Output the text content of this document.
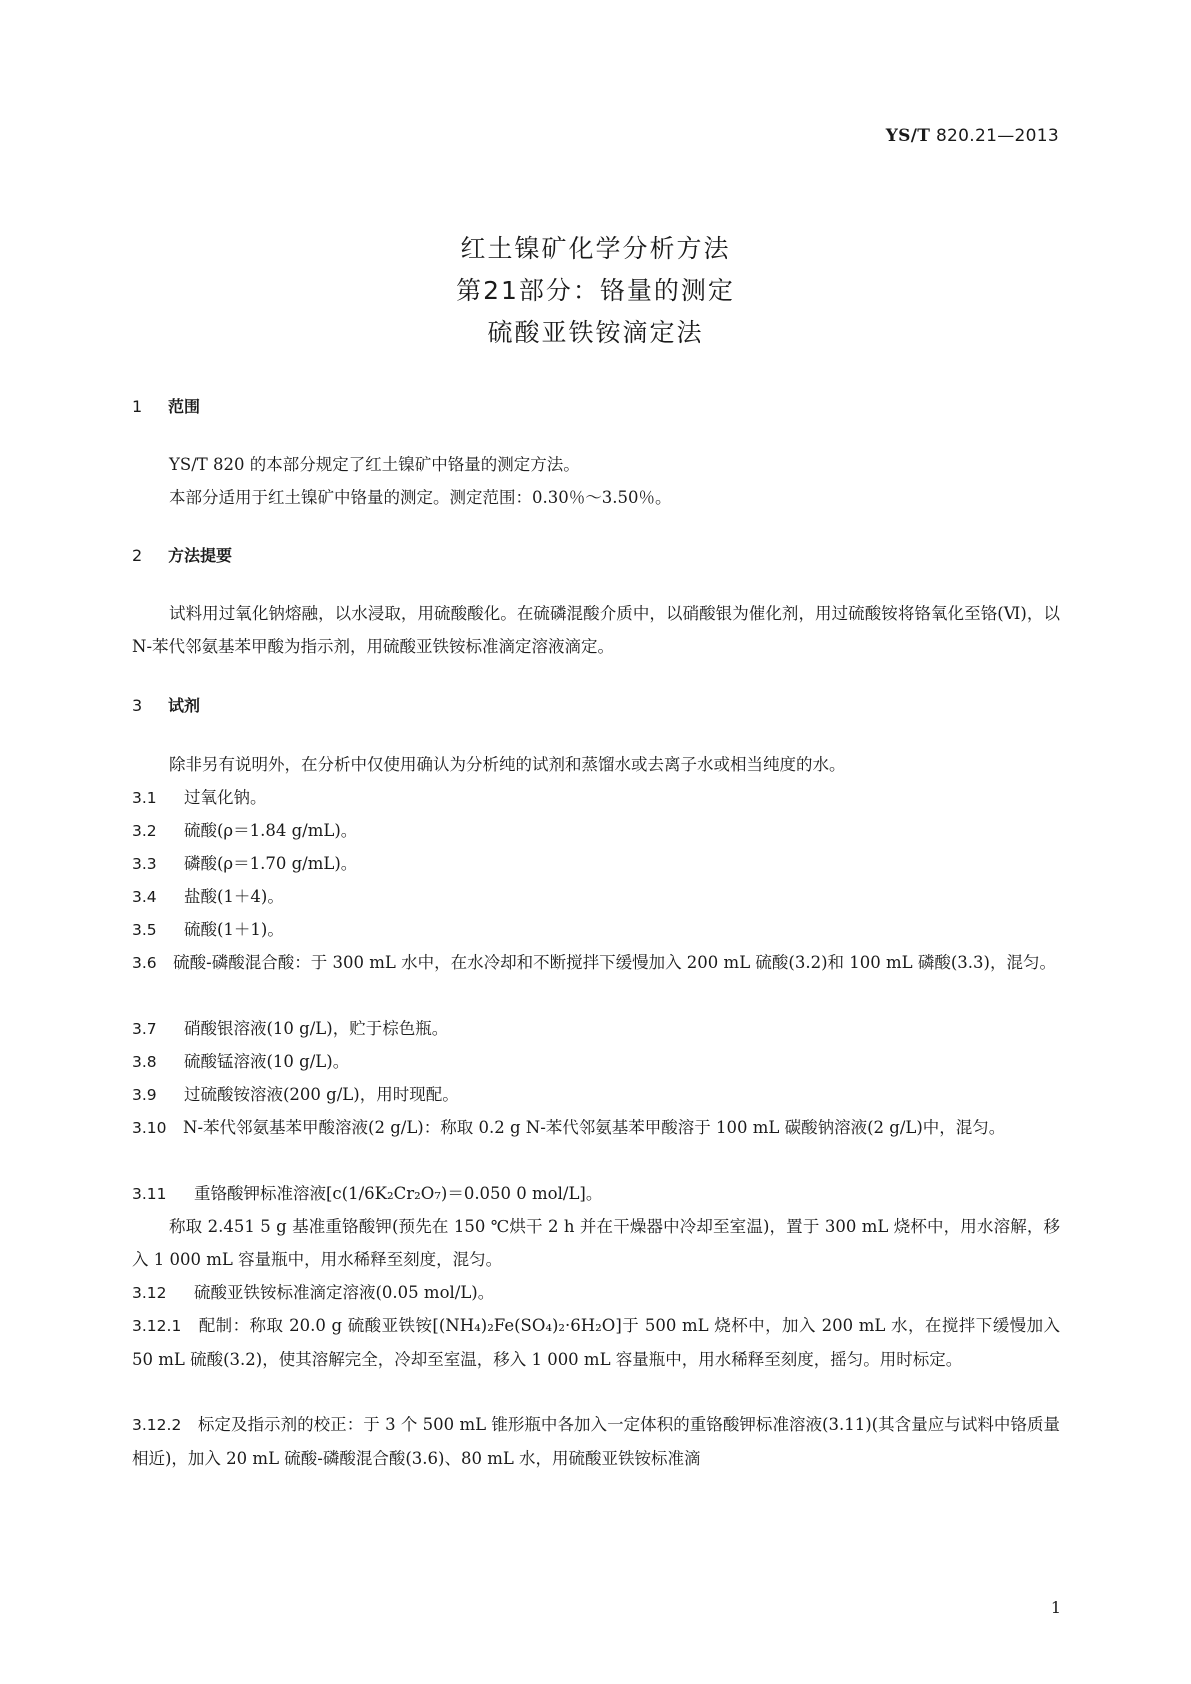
YS/T 820.21—2013
红土镍矿化学分析方法
第21部分：铬量的测定
硫酸亚铁铵滴定法
1 范围
YS/T 820 的本部分规定了红土镍矿中铬量的测定方法。
本部分适用于红土镍矿中铬量的测定。测定范围：0.30％～3.50％。
2 方法提要
试料用过氧化钠熔融，以水浸取，用硫酸酸化。在硫磷混酸介质中，以硝酸银为催化剂，用过硫酸铵将铬氧化至铬(Ⅵ)，以 N-苯代邻氨基苯甲酸为指示剂，用硫酸亚铁铵标准滴定溶液滴定。
3 试剂
除非另有说明外，在分析中仅使用确认为分析纯的试剂和蒸馏水或去离子水或相当纯度的水。
3.1 过氧化钠。
3.2 硫酸(ρ＝1.84 g/mL)。
3.3 磷酸(ρ＝1.70 g/mL)。
3.4 盐酸(1＋4)。
3.5 硫酸(1＋1)。
3.6　 硫酸-磷酸混合酸：于 300 mL 水中，在水冷却和不断搅拌下缓慢加入 200 mL 硫酸(3.2)和 100 mL 磷酸(3.3)，混匀。
3.7 硝酸银溶液(10 g/L)，贮于棕色瓶。
3.8 硫酸锰溶液(10 g/L)。
3.9 过硫酸铵溶液(200 g/L)，用时现配。
3.10　 N-苯代邻氨基苯甲酸溶液(2 g/L)：称取 0.2 g N-苯代邻氨基苯甲酸溶于 100 mL 碳酸钠溶液(2 g/L)中，混匀。
3.11 重铬酸钾标准溶液[c(1/6K₂Cr₂O₇)＝0.050 0 mol/L]。
称取 2.451 5 g 基准重铬酸钾(预先在 150 ℃烘干 2 h 并在干燥器中冷却至室温)，置于 300 mL 烧杯中，用水溶解，移入 1 000 mL 容量瓶中，用水稀释至刻度，混匀。
3.12 硫酸亚铁铵标准滴定溶液(0.05 mol/L)。
3.12.1　 配制：称取 20.0 g 硫酸亚铁铵[(NH₄)₂Fe(SO₄)₂·6H₂O]于 500 mL 烧杯中，加入 200 mL 水，在搅拌下缓慢加入 50 mL 硫酸(3.2)，使其溶解完全，冷却至室温，移入 1 000 mL 容量瓶中，用水稀释至刻度，摇匀。用时标定。
3.12.2　 标定及指示剂的校正：于 3 个 500 mL 锥形瓶中各加入一定体积的重铬酸钾标准溶液(3.11)(其含量应与试料中铬质量相近)，加入 20 mL 硫酸-磷酸混合酸(3.6)、80 mL 水，用硫酸亚铁铵标准滴
1
